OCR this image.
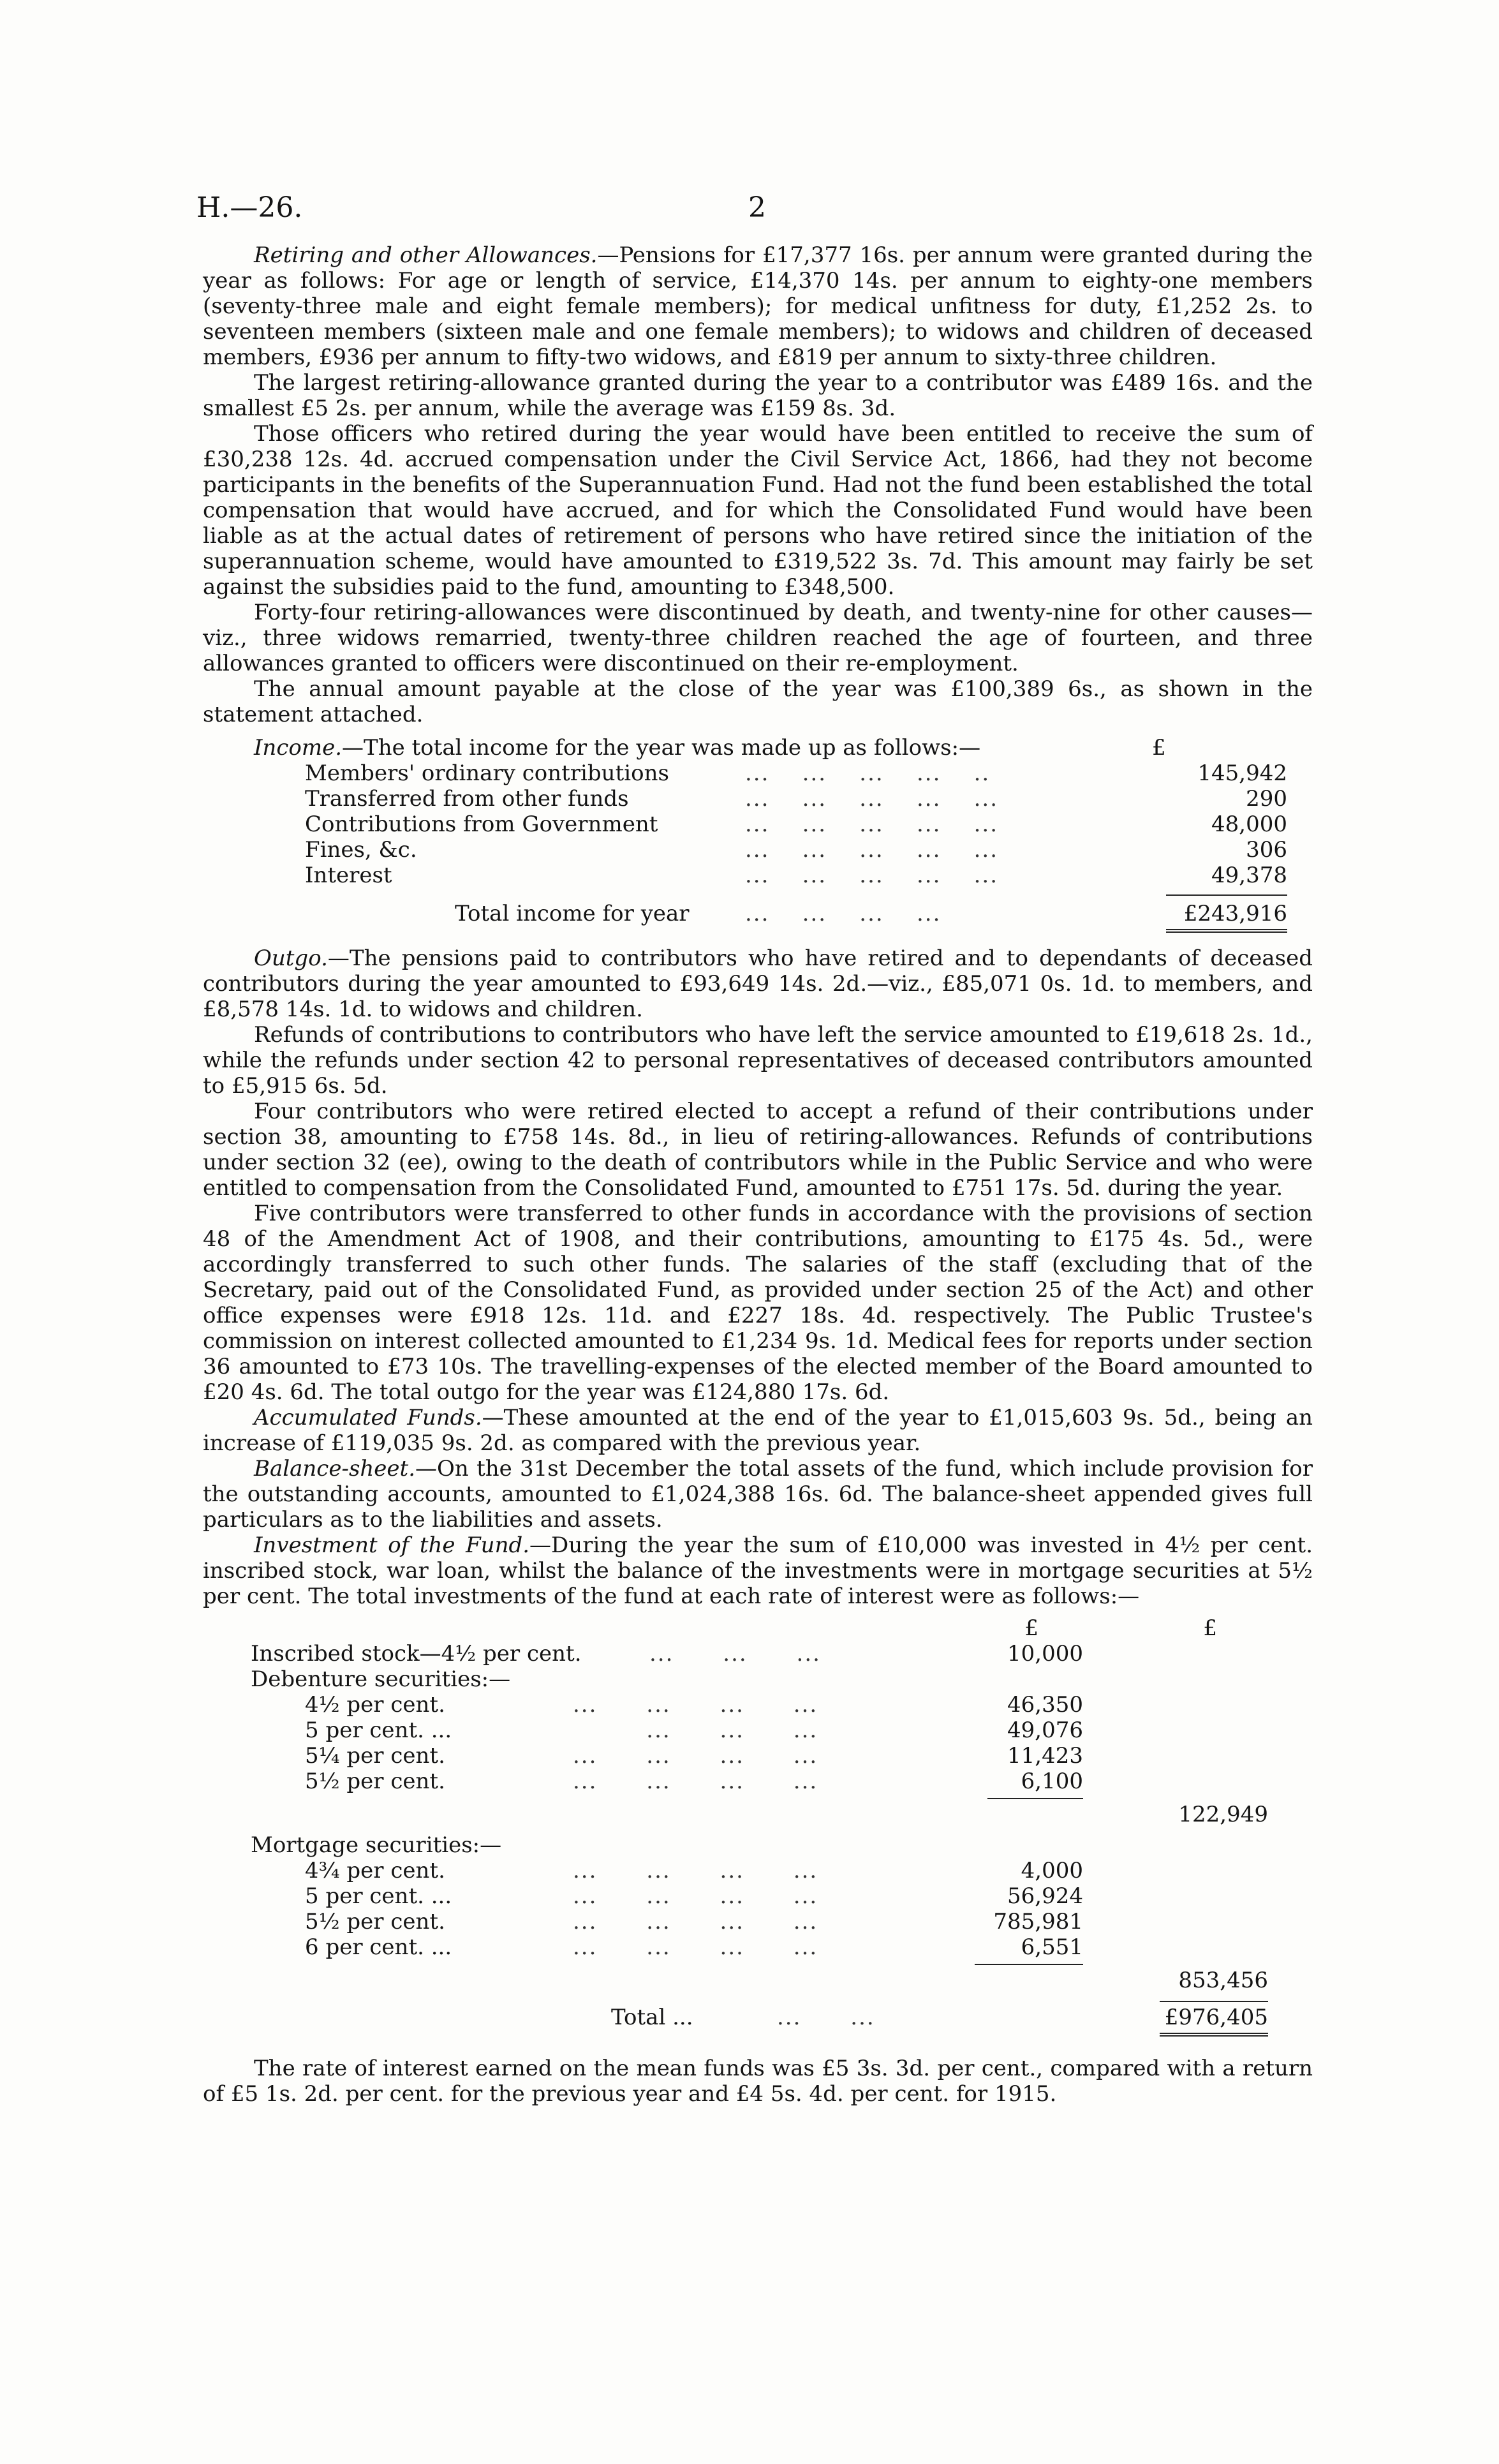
H.—26.	2

Retiring and other Allowances.—Pensions for £17,377 16s. per annum were granted during the year as follows: For age or length of service, £14,370 14s. per annum to eighty-one members (seventy-three male and eight female members); for medical unfitness for duty, £1,252 2s. to seventeen members (sixteen male and one female members); to widows and children of deceased members, £936 per annum to fifty-two widows, and £819 per annum to sixty-three children.

The largest retiring-allowance granted during the year to a contributor was £489 16s. and the smallest £5 2s. per annum, while the average was £159 8s. 3d.

Those officers who retired during the year would have been entitled to receive the sum of £30,238 12s. 4d. accrued compensation under the Civil Service Act, 1866, had they not become participants in the benefits of the Superannuation Fund. Had not the fund been established the total compensation that would have accrued, and for which the Consolidated Fund would have been liable as at the actual dates of retirement of persons who have retired since the initiation of the superannuation scheme, would have amounted to £319,522 3s. 7d. This amount may fairly be set against the subsidies paid to the fund, amounting to £348,500.

Forty-four retiring-allowances were discontinued by death, and twenty-nine for other causes— viz., three widows remarried, twenty-three children reached the age of fourteen, and three allowances granted to officers were discontinued on their re-employment.

The annual amount payable at the close of the year was £100,389 6s., as shown in the statement attached.

Income.—The total income for the year was made up as follows:—	£
Members' ordinary contributions	...    ...    ...    ...    ..	145,942
Transferred from other funds	...    ...    ...    ...    ...	290
Contributions from Government	...    ...    ...    ...    ...	48,000
Fines, &c.	...    ...    ...    ...    ...	306
Interest	...    ...    ...    ...    ...	49,378
Total income for year	...    ...    ...    ...	£243,916

Outgo.—The pensions paid to contributors who have retired and to dependants of deceased contributors during the year amounted to £93,649 14s. 2d.—viz., £85,071 0s. 1d. to members, and £8,578 14s. 1d. to widows and children.

Refunds of contributions to contributors who have left the service amounted to £19,618 2s. 1d., while the refunds under section 42 to personal representatives of deceased contributors amounted to £5,915 6s. 5d.

Four contributors who were retired elected to accept a refund of their contributions under section 38, amounting to £758 14s. 8d., in lieu of retiring-allowances. Refunds of contributions under section 32 (ee), owing to the death of contributors while in the Public Service and who were entitled to compensation from the Consolidated Fund, amounted to £751 17s. 5d. during the year.

Five contributors were transferred to other funds in accordance with the provisions of section 48 of the Amendment Act of 1908, and their contributions, amounting to £175 4s. 5d., were accordingly transferred to such other funds. The salaries of the staff (excluding that of the Secretary, paid out of the Consolidated Fund, as provided under section 25 of the Act) and other office expenses were £918 12s. 11d. and £227 18s. 4d. respectively. The Public Trustee's commission on interest collected amounted to £1,234 9s. 1d. Medical fees for reports under section 36 amounted to £73 10s. The travelling-expenses of the elected member of the Board amounted to £20 4s. 6d. The total outgo for the year was £124,880 17s. 6d.

Accumulated Funds.—These amounted at the end of the year to £1,015,603 9s. 5d., being an increase of £119,035 9s. 2d. as compared with the previous year.

Balance-sheet.—On the 31st December the total assets of the fund, which include provision for the outstanding accounts, amounted to £1,024,388 16s. 6d. The balance-sheet appended gives full particulars as to the liabilities and assets.

Investment of the Fund.—During the year the sum of £10,000 was invested in 4½ per cent. inscribed stock, war loan, whilst the balance of the investments were in mortgage securities at 5½ per cent. The total investments of the fund at each rate of interest were as follows:—

£	£
Inscribed stock—4½ per cent.	...      ...      ...	10,000
Debenture securities:—
4½ per cent.	...      ...      ...      ...	46,350
5 per cent. ...	...      ...      ...	49,076
5¼ per cent.	...      ...      ...      ...	11,423
5½ per cent.	...      ...      ...      ...	6,100
122,949
Mortgage securities:—
4¾ per cent.	...      ...      ...      ...	4,000
5 per cent. ...	...      ...      ...      ...	56,924
5½ per cent.	...      ...      ...      ...	785,981
6 per cent. ...	...      ...      ...      ...	6,551
853,456
Total ...	...      ...	£976,405

The rate of interest earned on the mean funds was £5 3s. 3d. per cent., compared with a return of £5 1s. 2d. per cent. for the previous year and £4 5s. 4d. per cent. for 1915.
